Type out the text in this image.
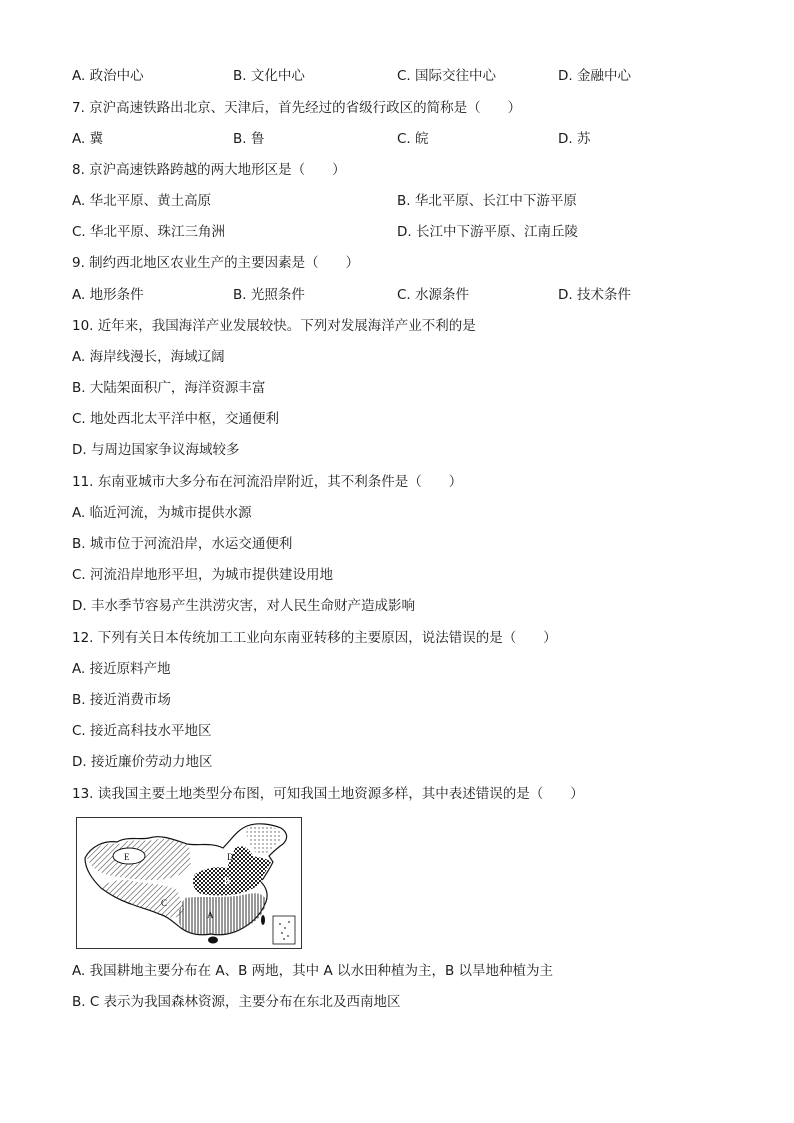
A. 政治中心	B. 文化中心	C. 国际交往中心	D. 金融中心
7. 京沪高速铁路出北京、天津后，首先经过的省级行政区的简称是（　　）
A. 冀	B. 鲁	C. 皖	D. 苏
8. 京沪高速铁路跨越的两大地形区是（　　）
A. 华北平原、黄土高原	B. 华北平原、长江中下游平原
C. 华北平原、珠江三角洲	D. 长江中下游平原、江南丘陵
9. 制约西北地区农业生产的主要因素是（　　）
A. 地形条件	B. 光照条件	C. 水源条件	D. 技术条件
10. 近年来，我国海洋产业发展较快。下列对发展海洋产业不利的是
A. 海岸线漫长，海域辽阔
B. 大陆架面积广，海洋资源丰富
C. 地处西北太平洋中枢，交通便利
D. 与周边国家争议海域较多
11. 东南亚城市大多分布在河流沿岸附近，其不利条件是（　　）
A. 临近河流，为城市提供水源
B. 城市位于河流沿岸，水运交通便利
C. 河流沿岸地形平坦，为城市提供建设用地
D. 丰水季节容易产生洪涝灾害，对人民生命财产造成影响
12. 下列有关日本传统加工工业向东南亚转移的主要原因，说法错误的是（　　）
A. 接近原料产地
B. 接近消费市场
C. 接近高科技水平地区
D. 接近廉价劳动力地区
13. 读我国主要土地类型分布图，可知我国土地资源多样，其中表述错误的是（　　）
E	D
B
C
A
A. 我国耕地主要分布在 A、B 两地，其中 A 以水田种植为主，B 以旱地种植为主
B. C 表示为我国森林资源，主要分布在东北及西南地区
